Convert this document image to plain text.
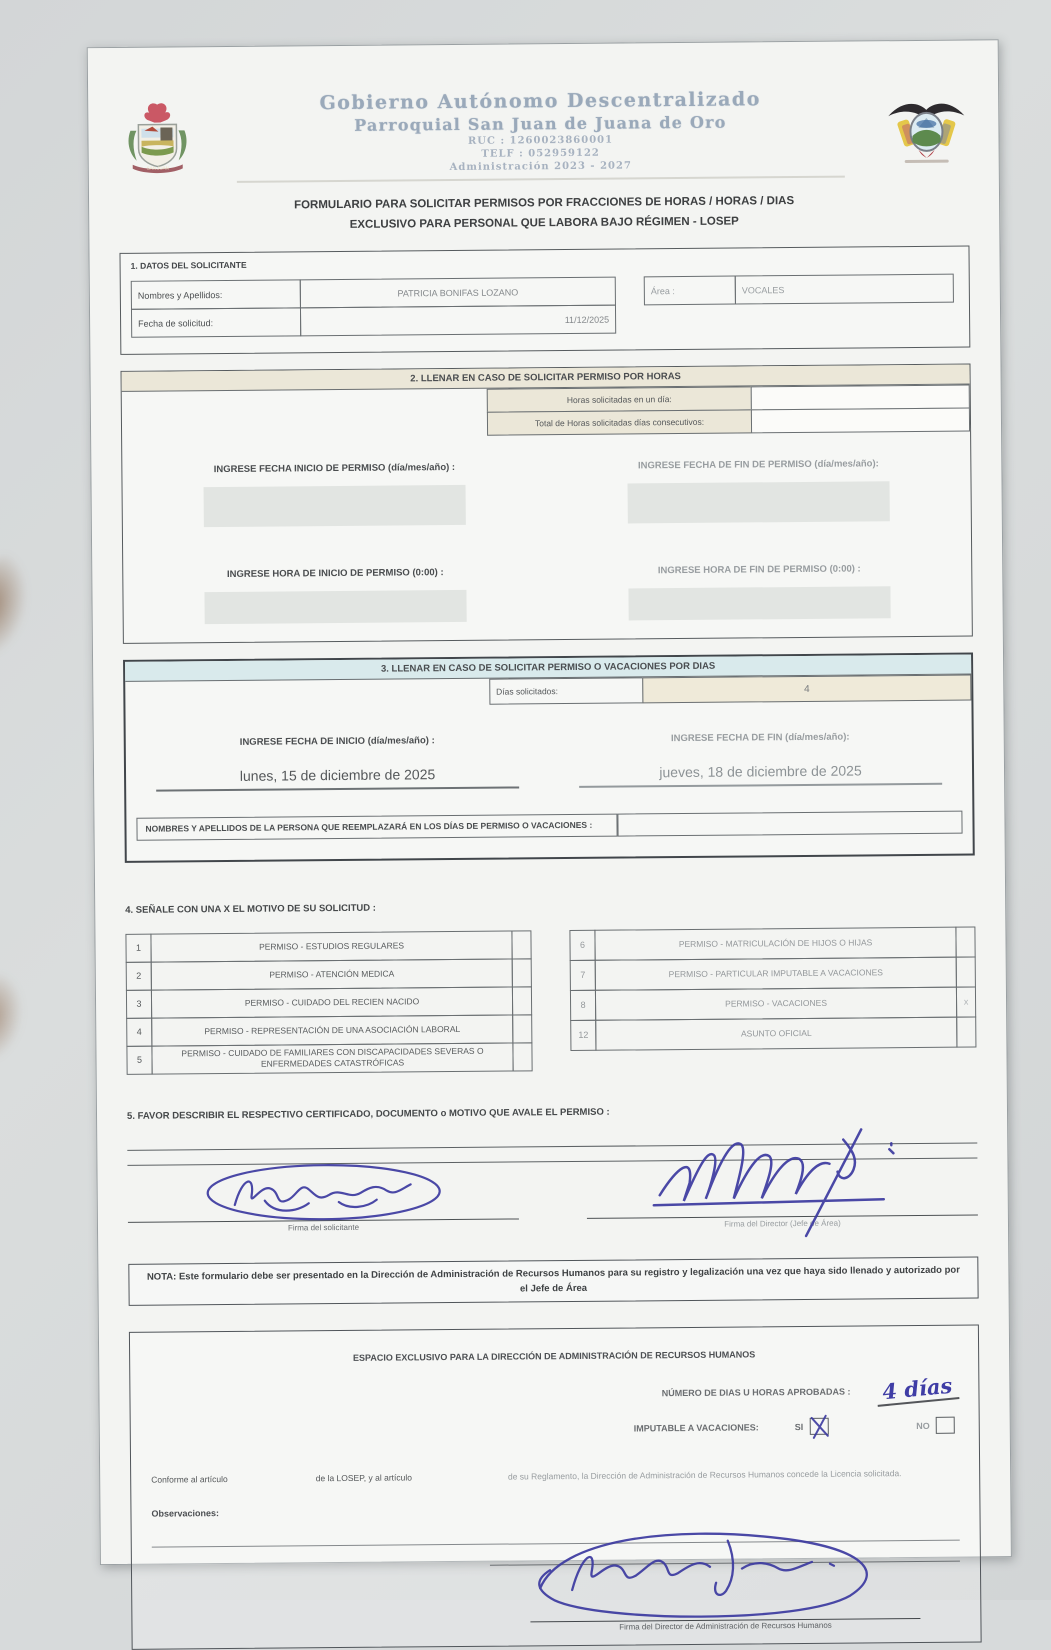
SAN JUAN
Gobierno Autónomo Descentralizado
Parroquial San Juan de Juana de Oro
RUC : 1260023860001
TELF : 052959122
Administración 2023 - 2027
FORMULARIO PARA SOLICITAR PERMISOS POR FRACCIONES DE HORAS / HORAS / DIAS
EXCLUSIVO PARA PERSONAL QUE LABORA BAJO RÉGIMEN - LOSEP
1. DATOS DEL SOLICITANTE
Nombres y Apellidos:	PATRICIA BONIFAS LOZANO
Fecha de solicitud:	11/12/2025
Área :	VOCALES
2. LLENAR EN CASO DE SOLICITAR PERMISO POR HORAS
Horas solicitadas en un día:
Total de Horas solicitadas días consecutivos:
INGRESE FECHA INICIO DE PERMISO (día/mes/año) :	INGRESE FECHA DE FIN DE PERMISO (día/mes/año):
INGRESE HORA DE INICIO DE PERMISO (0:00) :	INGRESE HORA DE FIN DE PERMISO (0:00) :
3. LLENAR EN CASO DE SOLICITAR PERMISO O VACACIONES POR DIAS
Días solicitados:	4
INGRESE FECHA DE INICIO (día/mes/año) :
lunes, 15 de diciembre de 2025
INGRESE FECHA DE FIN (día/mes/año):
jueves, 18 de diciembre de 2025
NOMBRES Y APELLIDOS DE LA PERSONA QUE REEMPLAZARÁ EN LOS DÍAS DE PERMISO O VACACIONES :
4. SEÑALE CON UNA X EL MOTIVO DE SU SOLICITUD :
1	PERMISO - ESTUDIOS REGULARES
2	PERMISO - ATENCIÓN MEDICA
3	PERMISO - CUIDADO DEL RECIEN NACIDO
4	PERMISO - REPRESENTACIÓN DE UNA ASOCIACIÓN LABORAL
5
PERMISO - CUIDADO DE FAMILIARES CON DISCAPACIDADES SEVERAS O ENFERMEDADES CATASTRÓFICAS
6	PERMISO - MATRICULACIÓN DE HIJOS O HIJAS
7	PERMISO - PARTICULAR IMPUTABLE A VACACIONES
8	PERMISO - VACACIONES	x
12	ASUNTO OFICIAL
5. FAVOR DESCRIBIR EL RESPECTIVO CERTIFICADO, DOCUMENTO o MOTIVO QUE AVALE EL PERMISO :
Firma del solicitante	Firma del Director (Jefe de Área)
NOTA: Este formulario debe ser presentado en la Dirección de Administración de Recursos Humanos para su registro y legalización una vez que haya sido llenado y autorizado por el Jefe de Área
ESPACIO EXCLUSIVO PARA LA DIRECCIÓN DE ADMINISTRACIÓN DE RECURSOS HUMANOS
NÚMERO DE DIAS U HORAS APROBADAS : 4 días
IMPUTABLE A VACACIONES:	SI	NO
Conforme al artículo	de la LOSEP, y al artículo	de su Reglamento, la Dirección de Administración de Recursos Humanos concede la Licencia solicitada.
Observaciones:
Firma del Director de Administración de Recursos Humanos
